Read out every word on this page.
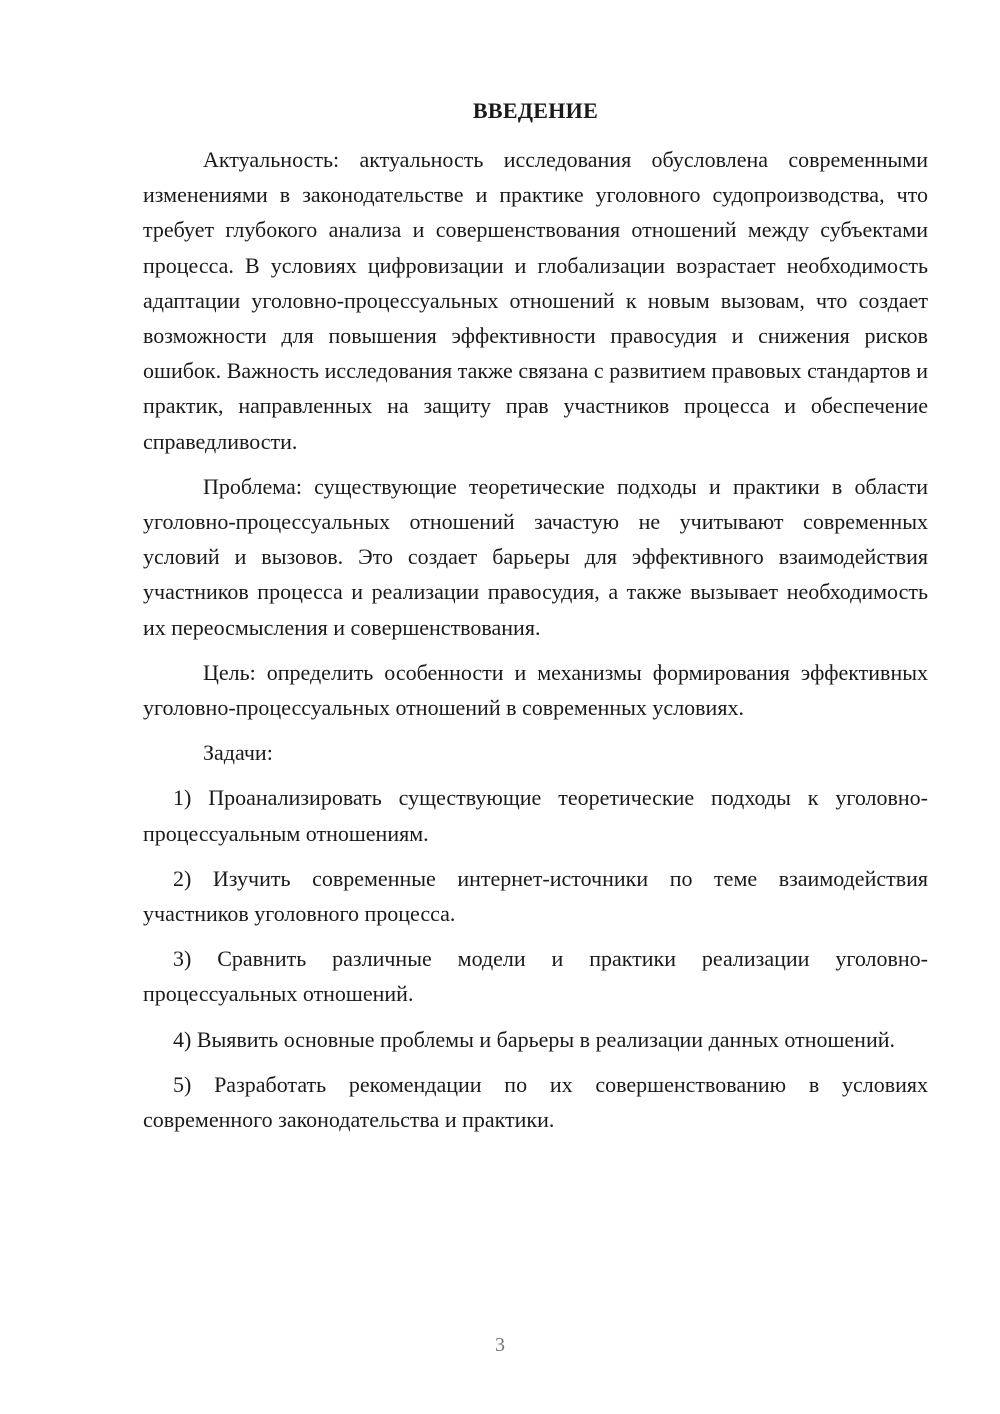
ВВЕДЕНИЕ

Актуальность: актуальность исследования обусловлена современными изменениями в законодательстве и практике уголовного судопроизводства, что требует глубокого анализа и совершенствования отношений между субъектами процесса. В условиях цифровизации и глобализации возрастает необходимость адаптации уголовно-процессуальных отношений к новым вызовам, что создает возможности для повышения эффективности правосудия и снижения рисков ошибок. Важность исследования также связана с развитием правовых стандартов и практик, направленных на защиту прав участников процесса и обеспечение справедливости.

Проблема: существующие теоретические подходы и практики в области уголовно-процессуальных отношений зачастую не учитывают современных условий и вызовов. Это создает барьеры для эффективного взаимодействия участников процесса и реализации правосудия, а также вызывает необходимость их переосмысления и совершенствования.

Цель: определить особенности и механизмы формирования эффективных уголовно-процессуальных отношений в современных условиях.

Задачи:

1) Проанализировать существующие теоретические подходы к уголовно-процессуальным отношениям.

2) Изучить современные интернет-источники по теме взаимодействия участников уголовного процесса.

3) Сравнить различные модели и практики реализации уголовно-процессуальных отношений.

4) Выявить основные проблемы и барьеры в реализации данных отношений.

5) Разработать рекомендации по их совершенствованию в условиях современного законодательства и практики.

3
